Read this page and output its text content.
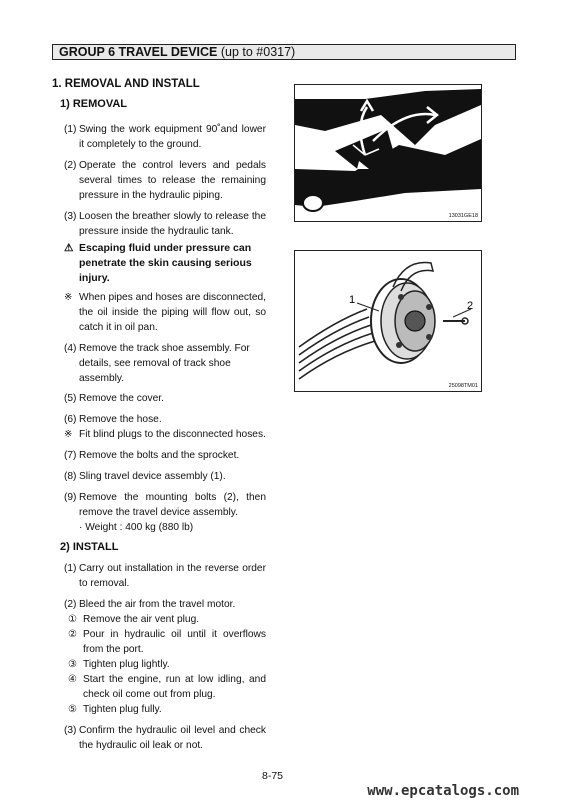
GROUP 6 TRAVEL DEVICE (up to #0317)
1. REMOVAL AND INSTALL
1) REMOVAL
(1) Swing the work equipment 90˚and lower it completely to the ground.
(2) Operate the control levers and pedals several times to release the remaining pressure in the hydraulic piping.
(3) Loosen the breather slowly to release the pressure inside the hydraulic tank.
⚠ Escaping fluid under pressure can penetrate the skin causing serious injury.
※ When pipes and hoses are disconnected, the oil inside the piping will flow out, so catch it in oil pan.
(4) Remove the track shoe assembly. For details, see removal of track shoe assembly.
(5) Remove the cover.
(6) Remove the hose.
※ Fit blind plugs to the disconnected hoses.
(7) Remove the bolts and the sprocket.
(8) Sling travel device assembly (1).
(9) Remove the mounting bolts (2), then remove the travel device assembly.
· Weight : 400 kg (880 lb)
2) INSTALL
(1) Carry out installation in the reverse order to removal.
(2) Bleed the air from the travel motor.
① Remove the air vent plug.
② Pour in hydraulic oil until it overflows from the port.
③ Tighten plug lightly.
④ Start the engine, run at low idling, and check oil come out from plug.
⑤ Tighten plug fully.
(3) Confirm the hydraulic oil level and check the hydraulic oil leak or not.
13031GE18
1	2
25098TM01
8-75
www.epcatalogs.com
